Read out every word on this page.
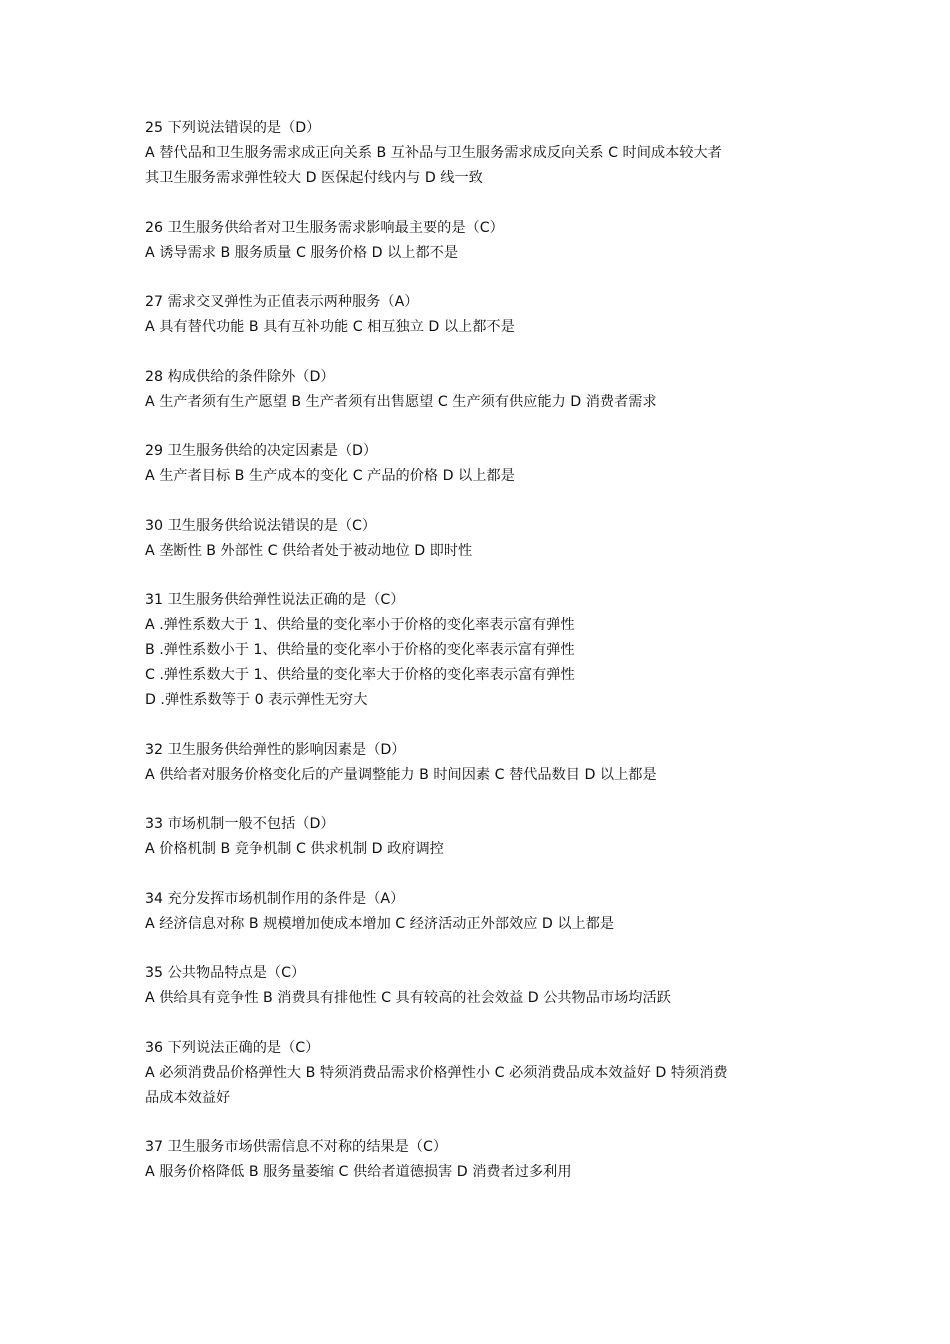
25 下列说法错误的是（D）
A 替代品和卫生服务需求成正向关系 B 互补品与卫生服务需求成反向关系 C 时间成本较大者
其卫生服务需求弹性较大 D 医保起付线内与 D 线一致
26 卫生服务供给者对卫生服务需求影响最主要的是（C）
A 诱导需求 B 服务质量 C 服务价格 D 以上都不是
27 需求交叉弹性为正值表示两种服务（A）
A 具有替代功能 B 具有互补功能 C 相互独立 D 以上都不是
28 构成供给的条件除外（D）
A 生产者须有生产愿望 B 生产者须有出售愿望 C 生产须有供应能力 D 消费者需求
29 卫生服务供给的决定因素是（D）
A 生产者目标 B 生产成本的变化 C 产品的价格 D 以上都是
30 卫生服务供给说法错误的是（C）
A 垄断性 B 外部性 C 供给者处于被动地位 D 即时性
31 卫生服务供给弹性说法正确的是（C）
A .弹性系数大于 1、供给量的变化率小于价格的变化率表示富有弹性
B .弹性系数小于 1、供给量的变化率小于价格的变化率表示富有弹性
C .弹性系数大于 1、供给量的变化率大于价格的变化率表示富有弹性
D .弹性系数等于 0 表示弹性无穷大
32 卫生服务供给弹性的影响因素是（D）
A 供给者对服务价格变化后的产量调整能力 B 时间因素 C 替代品数目 D 以上都是
33 市场机制一般不包括（D）
A 价格机制 B 竞争机制 C 供求机制 D 政府调控
34 充分发挥市场机制作用的条件是（A）
A 经济信息对称 B 规模增加使成本增加 C 经济活动正外部效应 D 以上都是
35 公共物品特点是（C）
A 供给具有竞争性 B 消费具有排他性 C 具有较高的社会效益 D 公共物品市场均活跃
36 下列说法正确的是（C）
A 必须消费品价格弹性大 B 特须消费品需求价格弹性小 C 必须消费品成本效益好 D 特须消费
品成本效益好
37 卫生服务市场供需信息不对称的结果是（C）
A 服务价格降低 B 服务量萎缩 C 供给者道德损害 D 消费者过多利用
